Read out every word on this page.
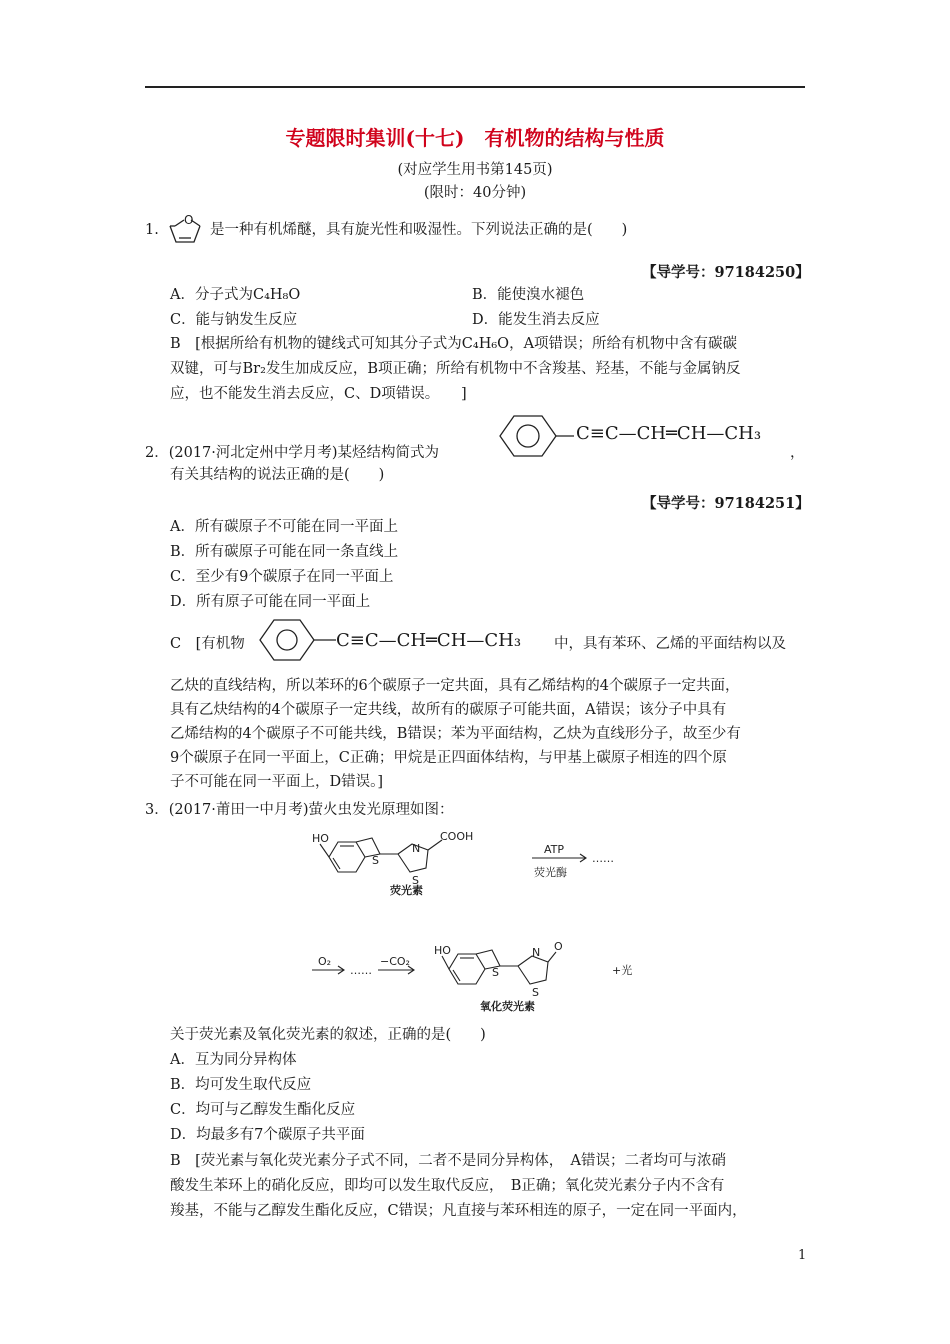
专题限时集训(十七)　有机物的结构与性质
(对应学生用书第145页)
(限时：40分钟)
1.
O
是一种有机烯醚，具有旋光性和吸湿性。下列说法正确的是(　　)
【导学号：97184250】
A．分子式为C₄H₈O	B．能使溴水褪色
C．能与钠发生反应	D．能发生消去反应
B　[根据所给有机物的键线式可知其分子式为C₄H₆O，A项错误；所给有机物中含有碳碳
双键，可与Br₂发生加成反应，B项正确；所给有机物中不含羧基、羟基，不能与金属钠反
应，也不能发生消去反应，C、D项错误。　　]
2．(2017·河北定州中学月考)某烃结构简式为
C≡C—CH═CH—CH₃
，
有关其结构的说法正确的是(　　)
【导学号：97184251】
A．所有碳原子不可能在同一平面上
B．所有碳原子可能在同一条直线上
C．至少有9个碳原子在同一平面上
D．所有原子可能在同一平面上
C　[有机物	C≡C—CH═CH—CH₃ 中，具有苯环、乙烯的平面结构以及
乙炔的直线结构，所以苯环的6个碳原子一定共面，具有乙烯结构的4个碳原子一定共面，
具有乙炔结构的4个碳原子一定共线，故所有的碳原子可能共面，A错误；该分子中具有
乙烯结构的4个碳原子不可能共线，B错误；苯为平面结构，乙炔为直线形分子，故至少有
9个碳原子在同一平面上，C正确；甲烷是正四面体结构，与甲基上碳原子相连的四个原
子不可能在同一平面上，D错误。]
3．(2017·莆田一中月考)萤火虫发光原理如图：
HO
S
N
COOH
S
荧光素
ATP
荧光酶
……
O₂
……
−CO₂
HO
S
N O
S
+光
氧化荧光素
关于荧光素及氧化荧光素的叙述，正确的是(　　)
A．互为同分异构体
B．均可发生取代反应
C．均可与乙醇发生酯化反应
D．均最多有7个碳原子共平面
B　[荧光素与氧化荧光素分子式不同，二者不是同分异构体，　A错误；二者均可与浓硝
酸发生苯环上的硝化反应，即均可以发生取代反应，　B正确；氧化荧光素分子内不含有
羧基，不能与乙醇发生酯化反应，C错误；凡直接与苯环相连的原子，一定在同一平面内，
1
